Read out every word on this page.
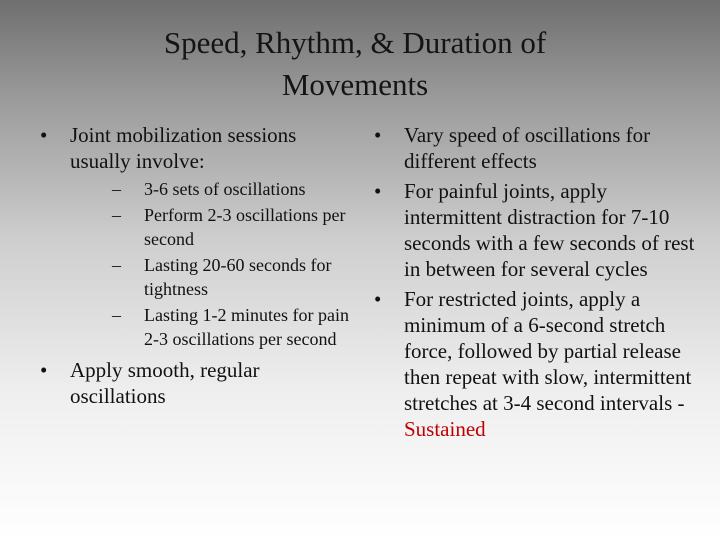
Speed, Rhythm, & Duration of
Movements
• Joint mobilization sessions usually involve:
– 3-6 sets of oscillations
– Perform 2-3 oscillations per second
– Lasting 20-60 seconds for tightness
– Lasting 1-2 minutes for pain 2-3 oscillations per second
• Apply smooth, regular oscillations
• Vary speed of oscillations for different effects
• For painful joints, apply intermittent distraction for 7-10 seconds with a few seconds of rest in between for several cycles
• For restricted joints, apply a minimum of a 6-second stretch force, followed by partial release then repeat with slow, intermittent stretches at 3-4 second intervals - Sustained
